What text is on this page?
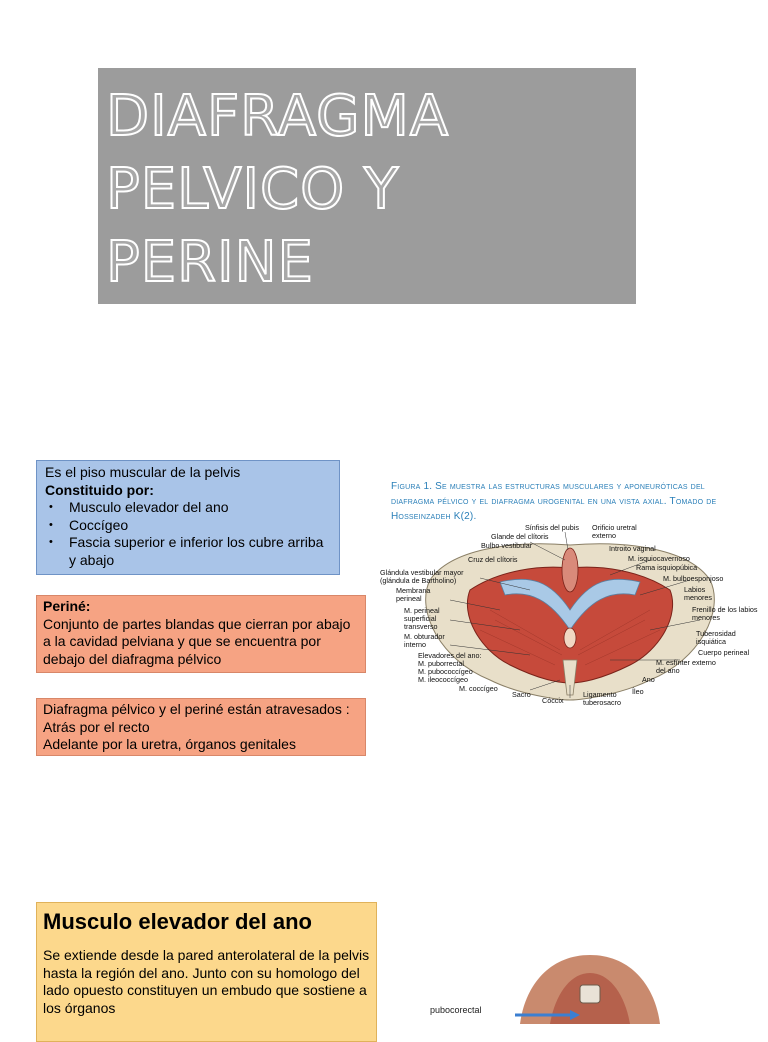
DIAFRAGMA
PELVICO Y
PERINE
Es el piso muscular de la pelvis
Constituido por:
• Musculo elevador del ano
• Coccígeo
• Fascia superior e inferior los cubre arriba y abajo
Periné:
Conjunto de partes blandas que cierran por abajo a la cavidad pelviana y que se encuentra por debajo del diafragma pélvico
Diafragma pélvico y el periné están atravesados :
Atrás por el recto
Adelante por la uretra, órganos genitales
Figura 1. Se muestra las estructuras musculares y aponeuróticas del diafragma pélvico y el diafragma urogenital en una vista axial. Tomado de Hosseinzadeh K(2).
Sínfisis del pubis Orificio uretral externo
Glande del clítoris
Bulbo vestibular	Introito vaginal
Cruz del clítoris	M. isquiocavernoso
Rama isquiopúbica
Glándula vestibular mayor (glándula de Bartholino)	M. bulboesponjoso
Membrana perineal
Labios menores
M. perineal superficial transverso
Frenillo de los labios menores
M. obturador interno
Tuberosidad isquiática
Elevadores del ano:	Cuerpo perineal
M. puborrectal	M. esfínter externo del ano
M. pubococcígeo
M. ileococcígeo	Ano
M. coccígeo	Íleo
Sacro
Cóccix
Ligamento tuberosacro
Musculo elevador del ano
Se extiende desde la pared anterolateral de la pelvis hasta la región del ano. Junto con su homologo del lado opuesto constituyen un embudo que sostiene a los órganos	pubocorectal
